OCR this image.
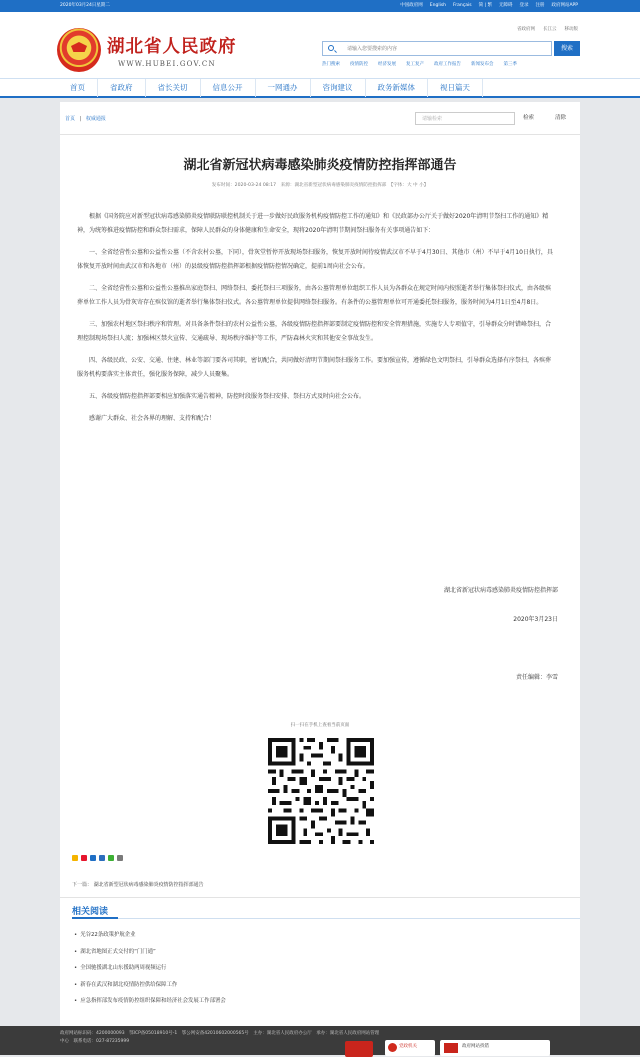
2020年03月24日星期二	中国政府网 English Français 简 | 繁 无障碍 登录 注册 政府网站APP
湖北省人民政府
WWW.HUBEI.GOV.CN
省政府网 长江云 移动版
请输入您要搜索的内容
搜索
热门搜索 疫情防控 经济发展 复工复产 政府工作报告 新闻发布会 第三季
首页	省政府	省长关切	信息公开	一网通办	咨询建议	政务新媒体	视日篇天
首页 | 权威通报	请输检索	检索	清除
湖北省新冠状病毒感染肺炎疫情防控指挥部通告
发布时间：2020-03-24 08:17　来源：湖北省新型冠状病毒感染肺炎疫情防控指挥部　【字体：大 中 小】

根据《国务院应对新型冠状病毒感染肺炎疫情联防联控机制关于进一步做好民政服务机构疫情防控工作的通知》和《民政部办公厅关于做好2020年清明节祭扫工作的通知》精神，为统筹推进疫情防控和群众祭扫需求，保障人民群众的身体健康和生命安全，现将2020年清明节期间祭扫服务有关事项通告如下：

一、全省经营性公墓和公益性公墓（不含农村公墓，下同），骨灰堂暂停开放现场祭扫服务，恢复开放时间待疫情武汉市不早于4月30日、其他市（州）不早于4月10日执行，具体恢复开放时间由武汉市和各地市（州）的县级疫情防控指挥部根据疫情防控情况确定，提前1周向社会公布。

二、全省经营性公墓和公益性公墓推出家庭祭扫、网络祭扫、委托祭扫三项服务，由各公墓管理单位组织工作人员为各群众在规定时间内按照逝者举行集体祭扫仪式，由各级殡葬单位工作人员为骨灰寄存在殡仪馆的逝者举行集体祭扫仪式。各公墓管理单位提供网络祭扫服务。有条件的公墓管理单位可开通委托祭扫服务，服务时间为4月1日至4月8日。

三、加强农村地区祭扫秩序和管理。对具备条件祭扫的农村公益性公墓，各级疫情防控指挥部要制定疫情防控和安全管理措施，实施专人专项值守，引导群众分时错峰祭扫，合理控制现场祭扫人流；加强林区禁火宣传、交通疏导、现场秩序维护等工作，严防森林火灾和其他安全事故发生。

四、各级民政、公安、交通、住建、林业等部门要各司其职，密切配合，共同做好清明节期间祭扫服务工作。要加强宣传，遵循绿色文明祭扫，引导群众选择有序祭扫，各殡葬服务机构要落实主体责任，强化服务保障，减少人员聚集。

五、各级疫情防控指挥部要相应加强落实通告精神，防控时段服务祭扫安排、祭扫方式及时向社会公布。

感谢广大群众、社会各界的理解、支持和配合！

湖北省新冠状病毒感染肺炎疫情防控指挥部
2020年3月23日
责任编辑：李雪
扫一扫在手机上查看当前页面
下一篇： 湖北省新型冠状病毒感染肺炎疫情防控指挥部通告
相关阅读
• 光谷22条政策护航企业
• 湖北省地图正式交付的“门门通”
• 全国驰援湖北山东援助两周视频运行
• 新春在武汉和湖北疫情防控供给保障工作
• 应急指挥部发布疫情防控组织保障和经济社会发展工作部署会
政府网站标识码：4200000093　鄂ICP备05018910号-1　鄂公网安备42010602000565号　主办：湖北省人民政府办公厅　承办：湖北省人民政府网站管理中心　联系电话：027-87235999
党政机关	政府网站找错
